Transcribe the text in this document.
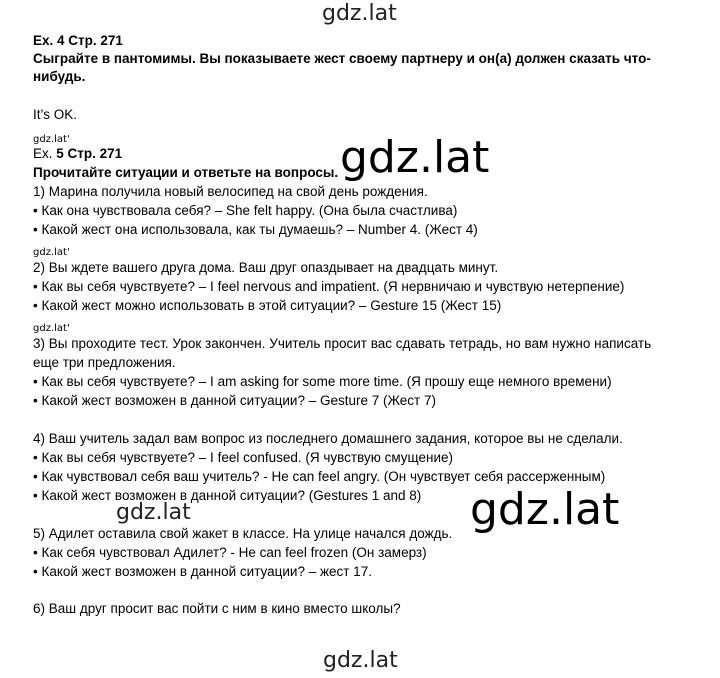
gdz.lat
Ex. 4 Стр. 271
Сыграйте в пантомимы. Вы показываете жест своему партнеру и он(а) должен сказать что-
нибудь.
It’s OK.
gdz.lat'
Ex. 5 Стр. 271
Прочитайте ситуации и ответьте на вопросы. gdz.lat
1) Марина получила новый велосипед на свой день рождения.
• Как она чувствовала себя? – She felt happy. (Она была счастлива)
• Какой жест она использовала, как ты думаешь? – Number 4. (Жест 4)
gdz.lat'
2) Вы ждете вашего друга дома. Ваш друг опаздывает на двадцать минут.
• Как вы себя чувствуете? – I feel nervous and impatient. (Я нервничаю и чувствую нетерпение)
• Какой жест можно использовать в этой ситуации? – Gesture 15 (Жест 15)
gdz.lat'
3) Вы проходите тест. Урок закончен. Учитель просит вас сдавать тетрадь, но вам нужно написать
еще три предложения.
• Как вы себя чувствуете? – I am asking for some more time. (Я прошу еще немного времени)
• Какой жест возможен в данной ситуации? – Gesture 7 (Жест 7)
4) Ваш учитель задал вам вопрос из последнего домашнего задания, которое вы не сделали.
• Как вы себя чувствуете? – I feel confused. (Я чувствую смущение)
• Как чувствовал себя ваш учитель? - He can feel angry. (Он чувствует себя рассерженным)
• Какой жест возможен в данной ситуации? (Gestures 1 and 8)
gdz.lat	gdz.lat
5) Адилет оставила свой жакет в классе. На улице начался дождь.
• Как себя чувствовал Адилет? - He can feel frozen (Он замерз)
• Какой жест возможен в данной ситуации? – жест 17.
6) Ваш друг просит вас пойти с ним в кино вместо школы?
gdz.lat
